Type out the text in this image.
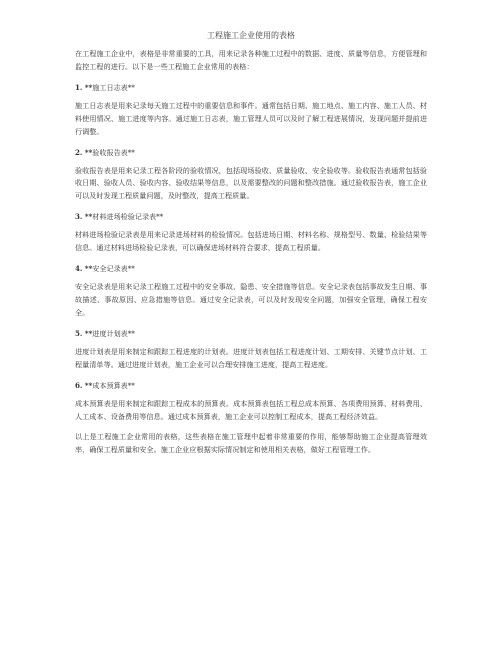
工程施工企业使用的表格

在工程施工企业中，表格是非常重要的工具，用来记录各种施工过程中的数据、进度、质量等信息，方便管理和监控工程的进行。以下是一些工程施工企业常用的表格：

1. **施工日志表**

施工日志表是用来记录每天施工过程中的重要信息和事件。通常包括日期、施工地点、施工内容、施工人员、材料使用情况、施工进度等内容。通过施工日志表，施工管理人员可以及时了解工程进展情况，发现问题并提前进行调整。

2. **验收报告表**

验收报告表是用来记录工程各阶段的验收情况，包括现场验收、质量验收、安全验收等。验收报告表通常包括验收日期、验收人员、验收内容、验收结果等信息，以及需要整改的问题和整改措施。通过验收报告表，施工企业可以及时发现工程质量问题，及时整改，提高工程质量。

3. **材料进场检验记录表**

材料进场检验记录表是用来记录进场材料的检验情况。包括进场日期、材料名称、规格型号、数量、检验结果等信息。通过材料进场检验记录表，可以确保进场材料符合要求，提高工程质量。

4. **安全记录表**

安全记录表是用来记录工程施工过程中的安全事故、隐患、安全措施等信息。安全记录表包括事故发生日期、事故描述、事故原因、应急措施等信息。通过安全记录表，可以及时发现安全问题，加强安全管理，确保工程安全。

5. **进度计划表**

进度计划表是用来制定和跟踪工程进度的计划表。进度计划表包括工程进度计划、工期安排、关键节点计划、工程量清单等。通过进度计划表，施工企业可以合理安排施工进度，提高工程进度。

6. **成本预算表**

成本预算表是用来制定和跟踪工程成本的预算表。成本预算表包括工程总成本预算、各项费用预算、材料费用、人工成本、设备费用等信息。通过成本预算表，施工企业可以控制工程成本，提高工程经济效益。

以上是工程施工企业常用的表格，这些表格在施工管理中起着非常重要的作用，能够帮助施工企业提高管理效率，确保工程质量和安全。施工企业应根据实际情况制定和使用相关表格，做好工程管理工作。
